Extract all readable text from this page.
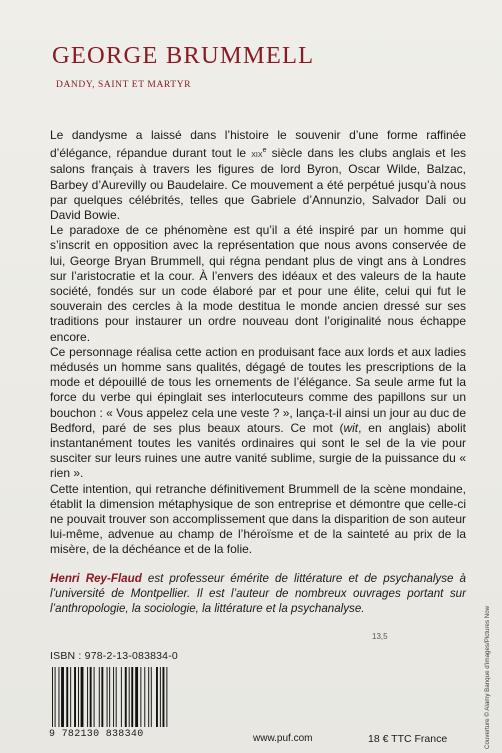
GEORGE BRUMMELL
DANDY, SAINT ET MARTYR

Le dandysme a laissé dans l’histoire le souvenir d’une forme raffinée d’élégance, répandue durant tout le xix$^e$ siècle dans les clubs anglais et les salons français à travers les figures de lord Byron, Oscar Wilde, Balzac, Barbey d’Aurevilly ou Baudelaire. Ce mouvement a été perpétué jusqu’à nous par quelques célébrités, telles que Gabriele d’Annunzio, Salvador Dali ou David Bowie.

Le paradoxe de ce phénomène est qu’il a été inspiré par un homme qui s’inscrit en opposition avec la représentation que nous avons conservée de lui, George Bryan Brummell, qui régna pendant plus de vingt ans à Londres sur l’aristocratie et la cour. À l’envers des idéaux et des valeurs de la haute société, fondés sur un code élaboré par et pour une élite, celui qui fut le souverain des cercles à la mode destitua le monde ancien dressé sur ses traditions pour instaurer un ordre nouveau dont l’originalité nous échappe encore.

Ce personnage réalisa cette action en produisant face aux lords et aux ladies médusés un homme sans qualités, dégagé de toutes les prescriptions de la mode et dépouillé de tous les ornements de l’élégance. Sa seule arme fut la force du verbe qui épinglait ses interlocuteurs comme des papillons sur un bouchon : « Vous appelez cela une veste ? », lança-t-il ainsi un jour au duc de Bedford, paré de ses plus beaux atours. Ce mot (wit, en anglais) abolit instantanément toutes les vanités ordinaires qui sont le sel de la vie pour susciter sur leurs ruines une autre vanité sublime, surgie de la puissance du « rien ».

Cette intention, qui retranche définitivement Brummell de la scène mondaine, établit la dimension métaphysique de son entreprise et démontre que celle-ci ne pouvait trouver son accomplissement que dans la disparition de son auteur lui-même, advenue au champ de l’héroïsme et de la sainteté au prix de la misère, de la déchéance et de la folie.

Henri Rey-Flaud est professeur émérite de littérature et de psychanalyse à l’université de Montpellier. Il est l’auteur de nombreux ouvrages portant sur l’anthropologie, la sociologie, la littérature et la psychanalyse.
13,5
ISBN : 978-2-13-083834-0
9 782130 838340	www.puf.com	18 € TTC France	Couverture © Alamy Banque d’images/Pictures Now
